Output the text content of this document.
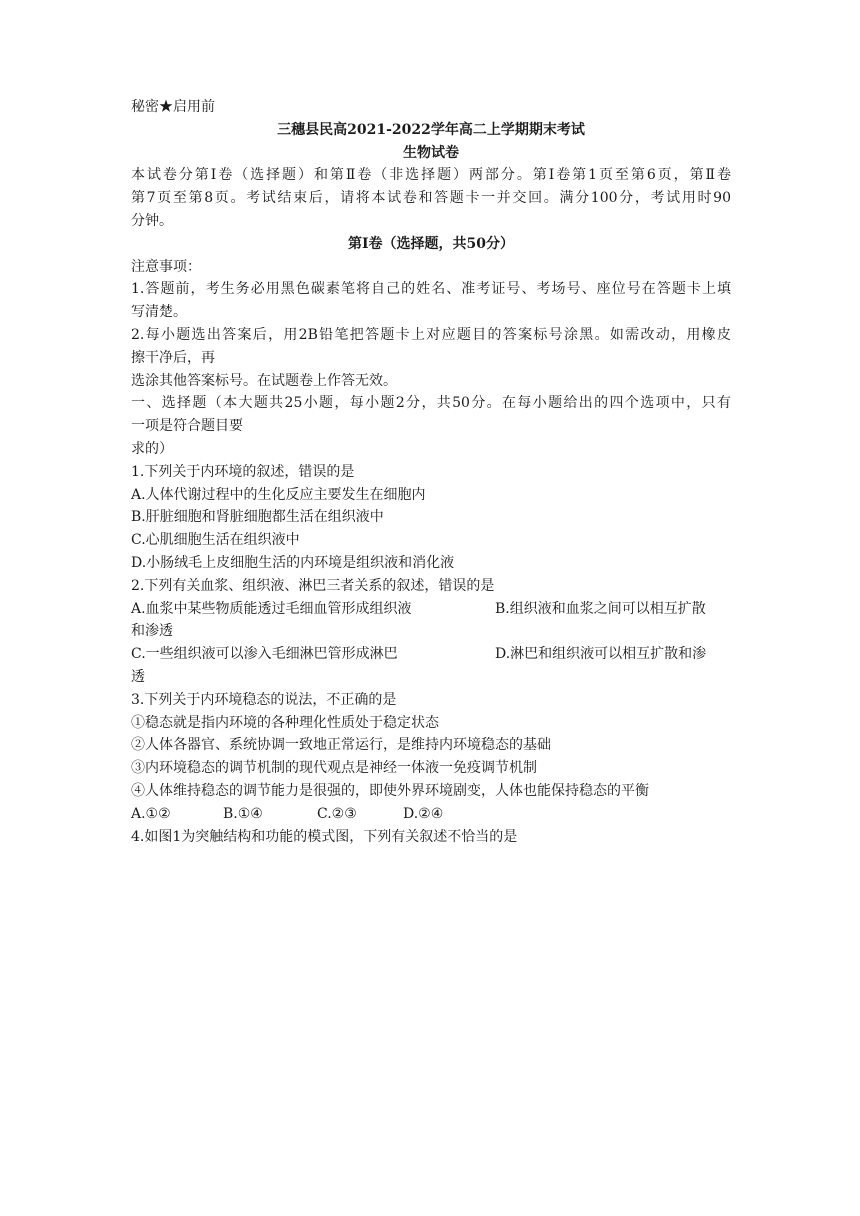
秘密★启用前
三穗县民高2021-2022学年高二上学期期末考试
生物试卷
本试卷分第Ⅰ卷（选择题）和第Ⅱ卷（非选择题）两部分。第Ⅰ卷第1页至第6页，第Ⅱ卷
第7页至第8页。考试结束后，请将本试卷和答题卡一并交回。满分100分，考试用时90
分钟。
第Ⅰ卷（选择题，共50分）
注意事项：
1.答题前，考生务必用黑色碳素笔将自己的姓名、准考证号、考场号、座位号在答题卡上填
写清楚。
2.每小题选出答案后，用2B铅笔把答题卡上对应题目的答案标号涂黑。如需改动，用橡皮
擦干净后，再
选涂其他答案标号。在试题卷上作答无效。
一、选择题（本大题共25小题，每小题2分，共50分。在每小题给出的四个选项中，只有
一项是符合题目要
求的）
1.下列关于内环境的叙述，错误的是
A.人体代谢过程中的生化反应主要发生在细胞内
B.肝脏细胞和肾脏细胞都生活在组织液中
C.心肌细胞生活在组织液中
D.小肠绒毛上皮细胞生活的内环境是组织液和消化液
2.下列有关血浆、组织液、淋巴三者关系的叙述，错误的是
A.血浆中某些物质能透过毛细血管形成组织液	B.组织液和血浆之间可以相互扩散
和渗透
C.一些组织液可以渗入毛细淋巴管形成淋巴	D.淋巴和组织液可以相互扩散和渗
透
3.下列关于内环境稳态的说法，不正确的是
①稳态就是指内环境的各种理化性质处于稳定状态
②人体各器官、系统协调一致地正常运行，是维持内环境稳态的基础
③内环境稳态的调节机制的现代观点是神经一体液一免疫调节机制
④人体维持稳态的调节能力是很强的，即使外界环境剧变，人体也能保持稳态的平衡
A.①②	B.①④	C.②③	D.②④
4.如图1为突触结构和功能的模式图，下列有关叙述不恰当的是
